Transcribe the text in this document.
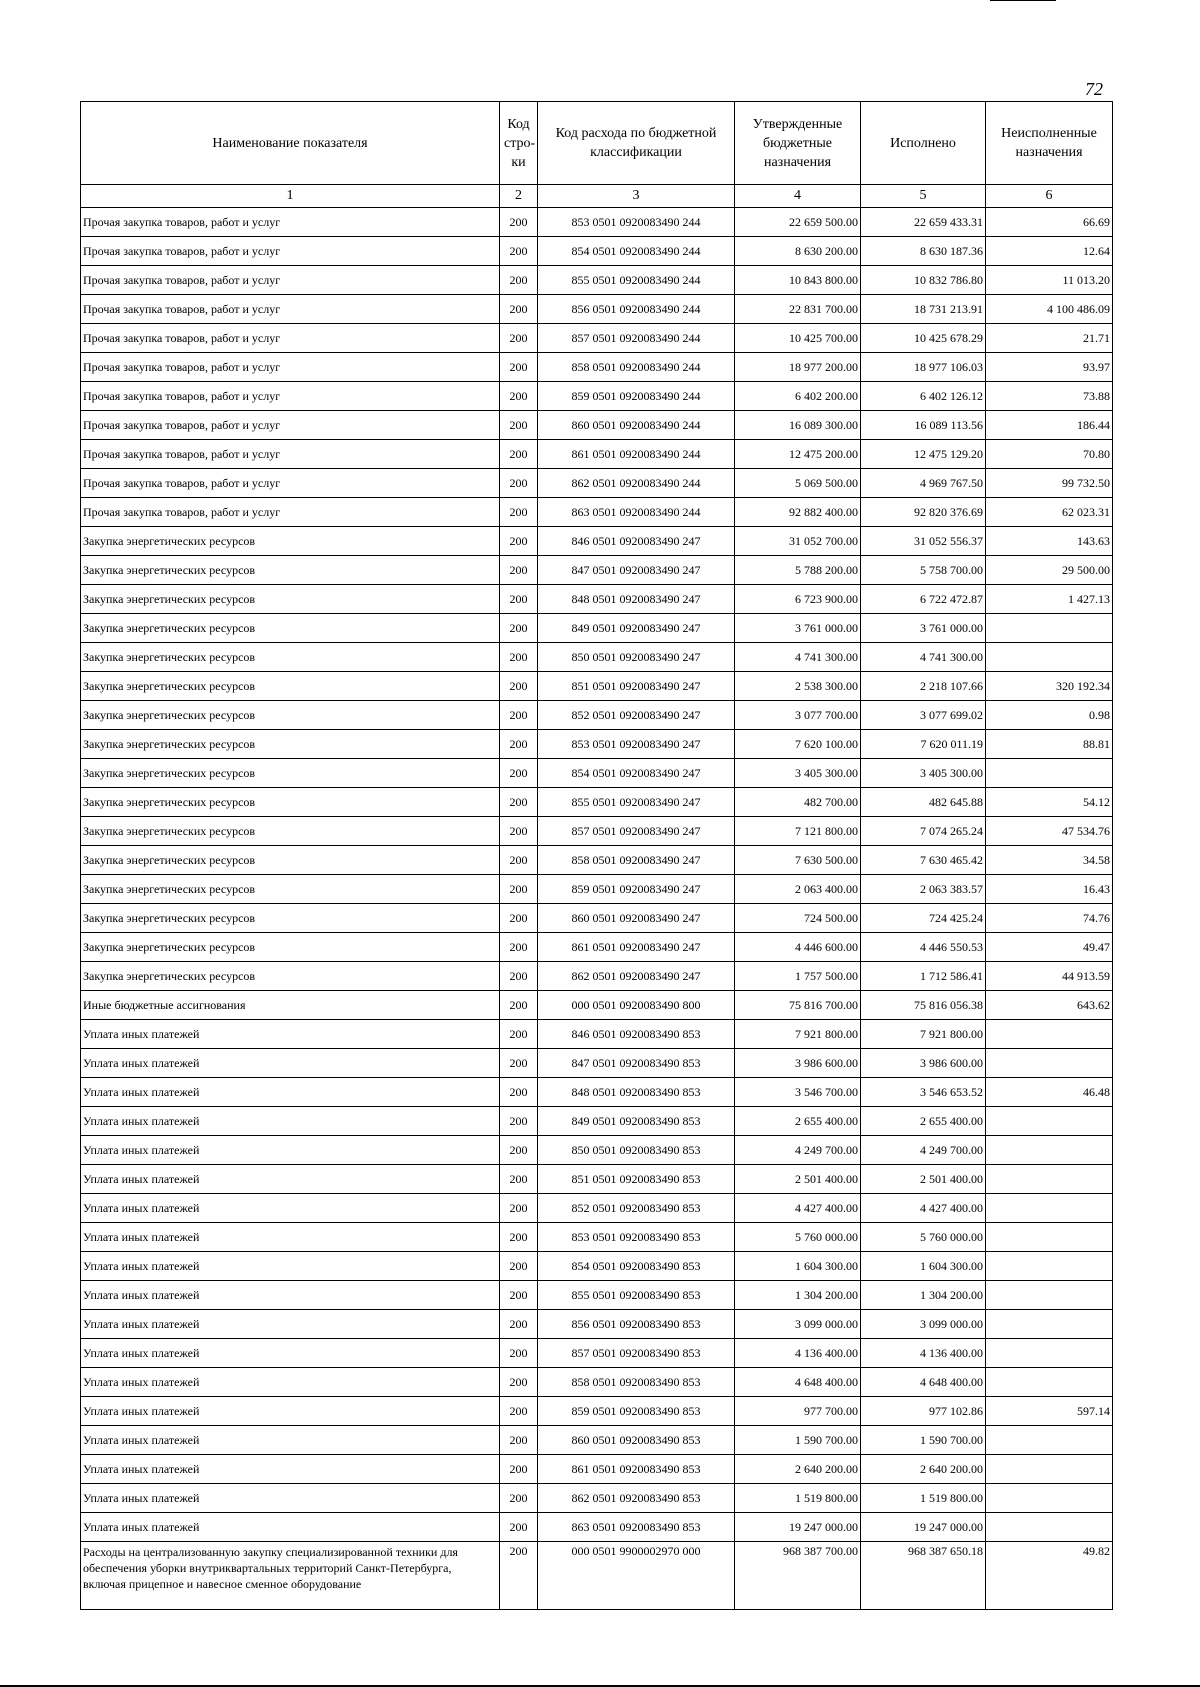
72
Наименование показателя	Код стро-ки	Код расхода по бюджетной классификации	Утвержденные бюджетные назначения	Исполнено	Неисполненные назначения
1	2	3	4	5	6
Прочая закупка товаров, работ и услуг	200	853 0501 0920083490 244	22 659 500.00	22 659 433.31	66.69
Прочая закупка товаров, работ и услуг	200	854 0501 0920083490 244	8 630 200.00	8 630 187.36	12.64
Прочая закупка товаров, работ и услуг	200	855 0501 0920083490 244	10 843 800.00	10 832 786.80	11 013.20
Прочая закупка товаров, работ и услуг	200	856 0501 0920083490 244	22 831 700.00	18 731 213.91	4 100 486.09
Прочая закупка товаров, работ и услуг	200	857 0501 0920083490 244	10 425 700.00	10 425 678.29	21.71
Прочая закупка товаров, работ и услуг	200	858 0501 0920083490 244	18 977 200.00	18 977 106.03	93.97
Прочая закупка товаров, работ и услуг	200	859 0501 0920083490 244	6 402 200.00	6 402 126.12	73.88
Прочая закупка товаров, работ и услуг	200	860 0501 0920083490 244	16 089 300.00	16 089 113.56	186.44
Прочая закупка товаров, работ и услуг	200	861 0501 0920083490 244	12 475 200.00	12 475 129.20	70.80
Прочая закупка товаров, работ и услуг	200	862 0501 0920083490 244	5 069 500.00	4 969 767.50	99 732.50
Прочая закупка товаров, работ и услуг	200	863 0501 0920083490 244	92 882 400.00	92 820 376.69	62 023.31
Закупка энергетических ресурсов	200	846 0501 0920083490 247	31 052 700.00	31 052 556.37	143.63
Закупка энергетических ресурсов	200	847 0501 0920083490 247	5 788 200.00	5 758 700.00	29 500.00
Закупка энергетических ресурсов	200	848 0501 0920083490 247	6 723 900.00	6 722 472.87	1 427.13
Закупка энергетических ресурсов	200	849 0501 0920083490 247	3 761 000.00	3 761 000.00	
Закупка энергетических ресурсов	200	850 0501 0920083490 247	4 741 300.00	4 741 300.00	
Закупка энергетических ресурсов	200	851 0501 0920083490 247	2 538 300.00	2 218 107.66	320 192.34
Закупка энергетических ресурсов	200	852 0501 0920083490 247	3 077 700.00	3 077 699.02	0.98
Закупка энергетических ресурсов	200	853 0501 0920083490 247	7 620 100.00	7 620 011.19	88.81
Закупка энергетических ресурсов	200	854 0501 0920083490 247	3 405 300.00	3 405 300.00	
Закупка энергетических ресурсов	200	855 0501 0920083490 247	482 700.00	482 645.88	54.12
Закупка энергетических ресурсов	200	857 0501 0920083490 247	7 121 800.00	7 074 265.24	47 534.76
Закупка энергетических ресурсов	200	858 0501 0920083490 247	7 630 500.00	7 630 465.42	34.58
Закупка энергетических ресурсов	200	859 0501 0920083490 247	2 063 400.00	2 063 383.57	16.43
Закупка энергетических ресурсов	200	860 0501 0920083490 247	724 500.00	724 425.24	74.76
Закупка энергетических ресурсов	200	861 0501 0920083490 247	4 446 600.00	4 446 550.53	49.47
Закупка энергетических ресурсов	200	862 0501 0920083490 247	1 757 500.00	1 712 586.41	44 913.59
Иные бюджетные ассигнования	200	000 0501 0920083490 800	75 816 700.00	75 816 056.38	643.62
Уплата иных платежей	200	846 0501 0920083490 853	7 921 800.00	7 921 800.00	
Уплата иных платежей	200	847 0501 0920083490 853	3 986 600.00	3 986 600.00	
Уплата иных платежей	200	848 0501 0920083490 853	3 546 700.00	3 546 653.52	46.48
Уплата иных платежей	200	849 0501 0920083490 853	2 655 400.00	2 655 400.00	
Уплата иных платежей	200	850 0501 0920083490 853	4 249 700.00	4 249 700.00	
Уплата иных платежей	200	851 0501 0920083490 853	2 501 400.00	2 501 400.00	
Уплата иных платежей	200	852 0501 0920083490 853	4 427 400.00	4 427 400.00	
Уплата иных платежей	200	853 0501 0920083490 853	5 760 000.00	5 760 000.00	
Уплата иных платежей	200	854 0501 0920083490 853	1 604 300.00	1 604 300.00	
Уплата иных платежей	200	855 0501 0920083490 853	1 304 200.00	1 304 200.00	
Уплата иных платежей	200	856 0501 0920083490 853	3 099 000.00	3 099 000.00	
Уплата иных платежей	200	857 0501 0920083490 853	4 136 400.00	4 136 400.00	
Уплата иных платежей	200	858 0501 0920083490 853	4 648 400.00	4 648 400.00	
Уплата иных платежей	200	859 0501 0920083490 853	977 700.00	977 102.86	597.14
Уплата иных платежей	200	860 0501 0920083490 853	1 590 700.00	1 590 700.00	
Уплата иных платежей	200	861 0501 0920083490 853	2 640 200.00	2 640 200.00	
Уплата иных платежей	200	862 0501 0920083490 853	1 519 800.00	1 519 800.00	
Уплата иных платежей	200	863 0501 0920083490 853	19 247 000.00	19 247 000.00	
Расходы на централизованную закупку специализированной техники для обеспечения уборки внутриквартальных территорий Санкт-Петербурга, включая прицепное и навесное сменное оборудование	200	000 0501 9900002970 000	968 387 700.00	968 387 650.18	49.82
